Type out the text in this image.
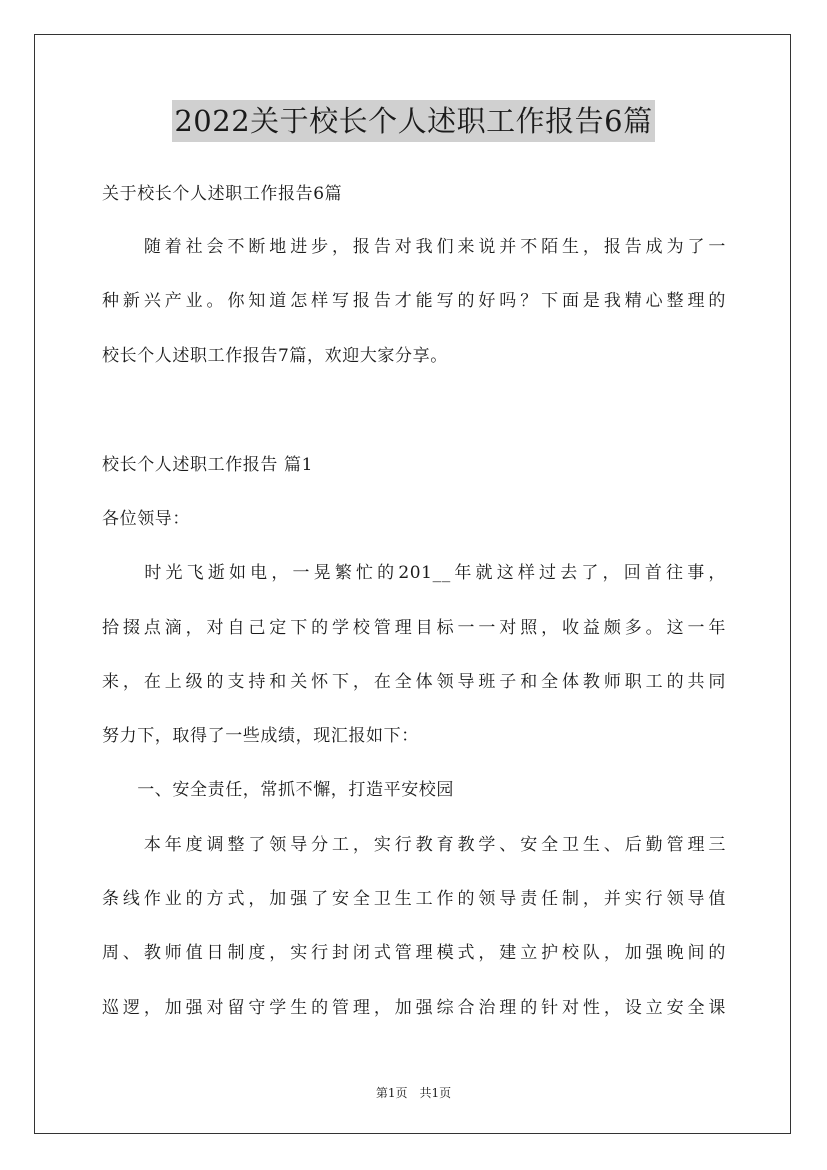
2022关于校长个人述职工作报告6篇
关于校长个人述职工作报告6篇
　　随着社会不断地进步，报告对我们来说并不陌生，报告成为了一
种新兴产业。你知道怎样写报告才能写的好吗？下面是我精心整理的
校长个人述职工作报告7篇，欢迎大家分享。
校长个人述职工作报告 篇1
各位领导：
　　时光飞逝如电，一晃繁忙的201__年就这样过去了，回首往事，
拾掇点滴，对自己定下的学校管理目标一一对照，收益颇多。这一年
来，在上级的支持和关怀下，在全体领导班子和全体教师职工的共同
努力下，取得了一些成绩，现汇报如下：
　　一、安全责任，常抓不懈，打造平安校园
　　本年度调整了领导分工，实行教育教学、安全卫生、后勤管理三
条线作业的方式，加强了安全卫生工作的领导责任制，并实行领导值
周、教师值日制度，实行封闭式管理模式，建立护校队，加强晚间的
巡逻，加强对留守学生的管理，加强综合治理的针对性，设立安全课
第1页　共1页
